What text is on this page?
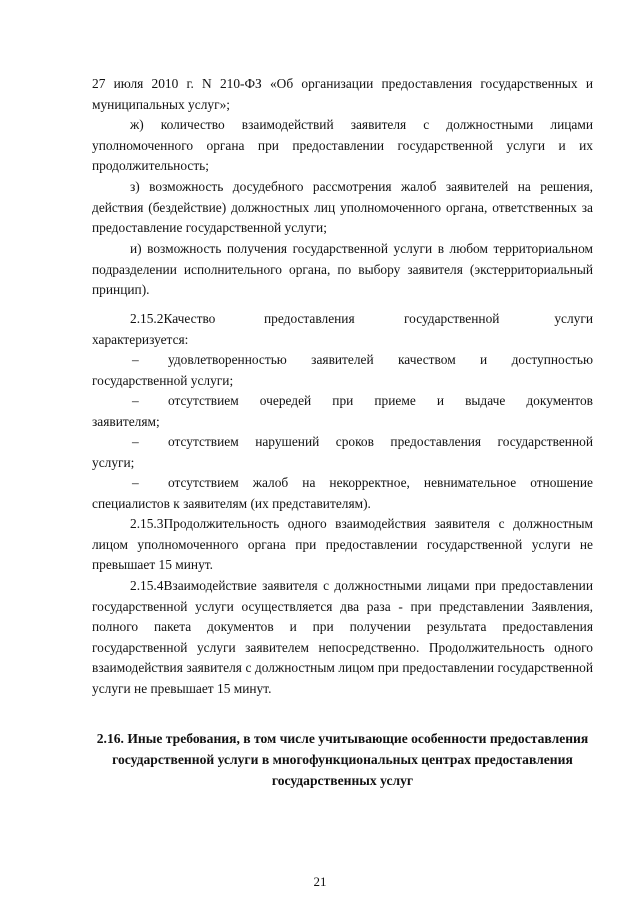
27 июля 2010 г. N 210-ФЗ «Об организации предоставления государственных и муниципальных услуг»;

ж) количество взаимодействий заявителя с должностными лицами уполномоченного органа при предоставлении государственной услуги и их продолжительность;

з) возможность досудебного рассмотрения жалоб заявителей на решения, действия (бездействие) должностных лиц уполномоченного органа, ответственных за предоставление государственной услуги;

и) возможность получения государственной услуги в любом территориальном подразделении исполнительного органа, по выбору заявителя (экстерриториальный принцип).

2.15.2Качество	предоставления	государственной	услуги
характеризуется:
– удовлетворенностью заявителей качеством и доступностью
государственной услуги;
– отсутствием очередей при приеме и выдаче документов
заявителям;
– отсутствием нарушений сроков предоставления государственной
услуги;
– отсутствием жалоб на некорректное, невнимательное отношение
специалистов к заявителям (их представителям).

2.15.3Продолжительность одного взаимодействия заявителя с должностным лицом уполномоченного органа при предоставлении государственной услуги не превышает 15 минут.

2.15.4Взаимодействие заявителя с должностными лицами при предоставлении государственной услуги осуществляется два раза - при представлении Заявления, полного пакета документов и при получении результата предоставления государственной услуги заявителем непосредственно. Продолжительность одного взаимодействия заявителя с должностным лицом при предоставлении государственной услуги не превышает 15 минут.

2.16. Иные требования, в том числе учитывающие особенности предоставления государственной услуги в многофункциональных центрах предоставления государственных услуг

21
